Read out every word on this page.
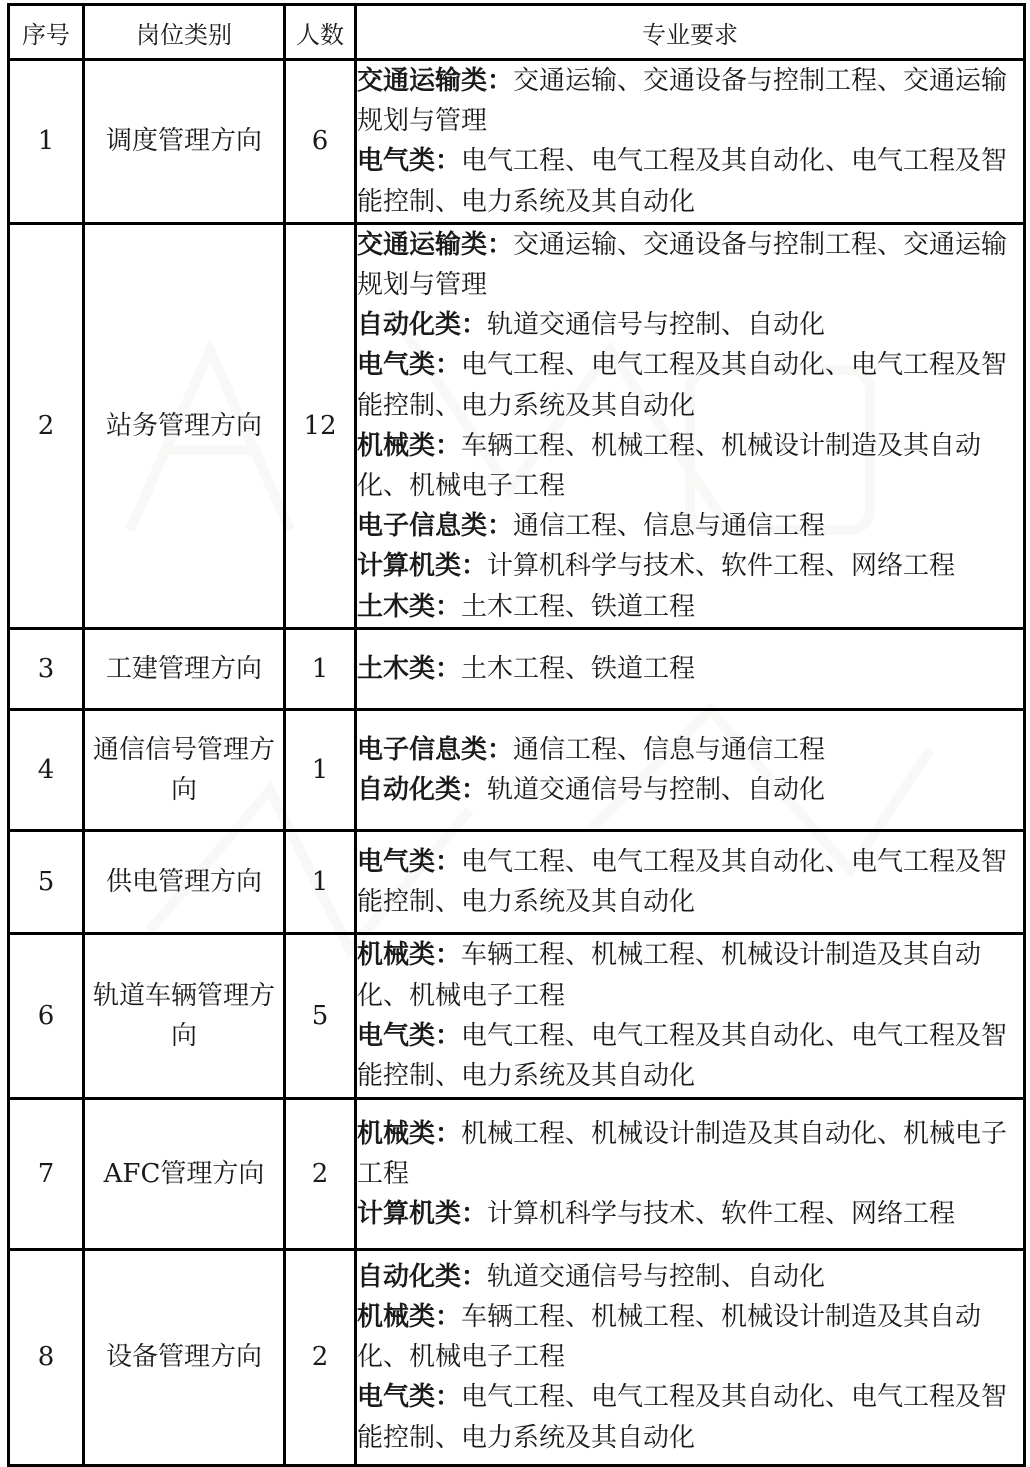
序号	岗位类别	人数	专业要求
1	调度管理方向	6	交通运输类：交通运输、交通设备与控制工程、交通运输规划与管理
电气类：电气工程、电气工程及其自动化、电气工程及智能控制、电力系统及其自动化

2	站务管理方向	12	
交通运输类：交通运输、交通设备与控制工程、交通运输规划与管理
自动化类：轨道交通信号与控制、自动化
电气类：电气工程、电气工程及其自动化、电气工程及智能控制、电力系统及其自动化
机械类：车辆工程、机械工程、机械设计制造及其自动化、机械电子工程
电子信息类：通信工程、信息与通信工程
计算机类：计算机科学与技术、软件工程、网络工程
土木类：土木工程、铁道工程

3	工建管理方向	1	土木类：土木工程、铁道工程

4	通信信号管理方向	1	电子信息类：通信工程、信息与通信工程
自动化类：轨道交通信号与控制、自动化

5	供电管理方向	1	电气类：电气工程、电气工程及其自动化、电气工程及智能控制、电力系统及其自动化

6	轨道车辆管理方向	5	机械类：车辆工程、机械工程、机械设计制造及其自动化、机械电子工程
电气类：电气工程、电气工程及其自动化、电气工程及智能控制、电力系统及其自动化

7	AFC管理方向	2	机械类：机械工程、机械设计制造及其自动化、机械电子工程
计算机类：计算机科学与技术、软件工程、网络工程

8	设备管理方向	2	自动化类：轨道交通信号与控制、自动化
机械类：车辆工程、机械工程、机械设计制造及其自动化、机械电子工程
电气类：电气工程、电气工程及其自动化、电气工程及智能控制、电力系统及其自动化
